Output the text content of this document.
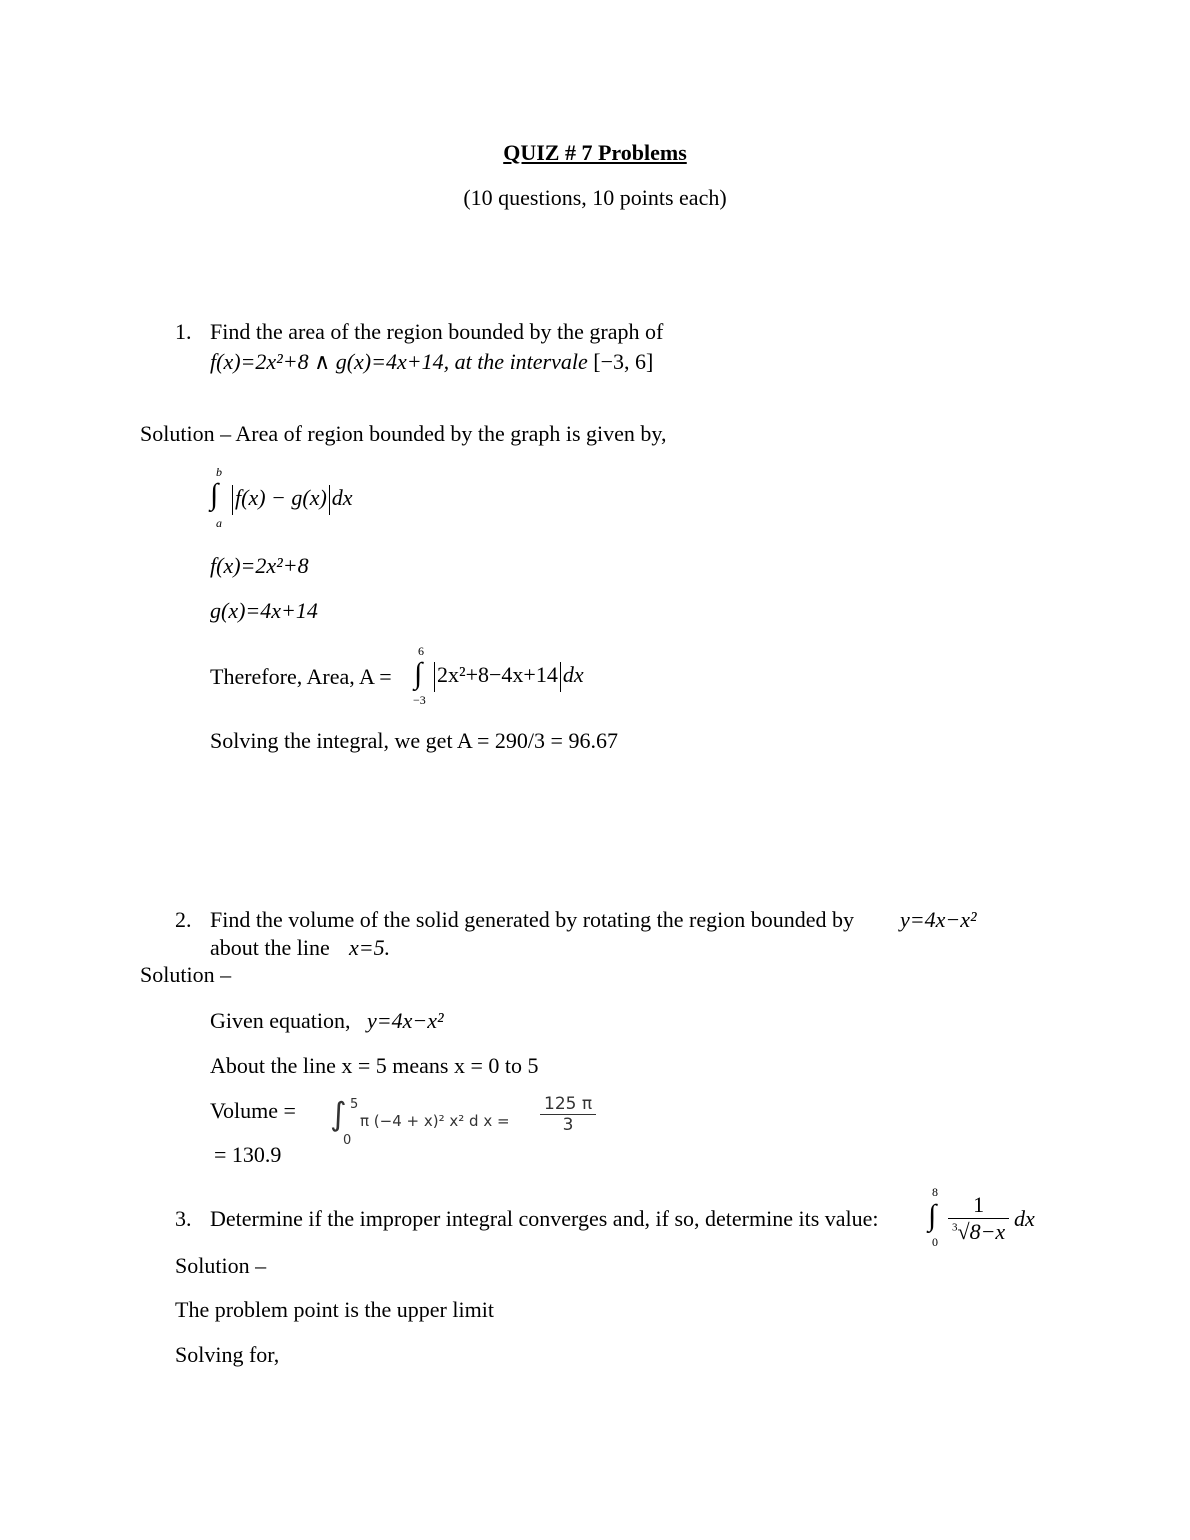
QUIZ # 7 Problems
(10 questions, 10 points each)
1. Find the area of the region bounded by the graph of
f(x)=2x²+8 ∧ g(x)=4x+14, at the intervale [−3, 6]
Solution – Area of region bounded by the graph is given by,
b
∫
a
f(x) − g(x) dx
f(x)=2x²+8
g(x)=4x+14
Therefore, Area, A =
6
∫
−3
2x²+8−4x+14 dx
Solving the integral, we get A = 290/3 = 96.67
2. Find the volume of the solid generated by rotating the region bounded by y=4x−x²
about the line x=5.
Solution –
Given equation, y=4x−x²
About the line x = 5 means x = 0 to 5
Volume = ∫ 5
0
π (−4 + x)² x² d $x = \frac{125 \pi}{3}$
= 130.9
3. Determine if the improper integral converges and, if so, determine its value:
8
∫
$0 \frac{1}{^3√8-x}$ dx
Solution –
The problem point is the upper limit
Solving for,
